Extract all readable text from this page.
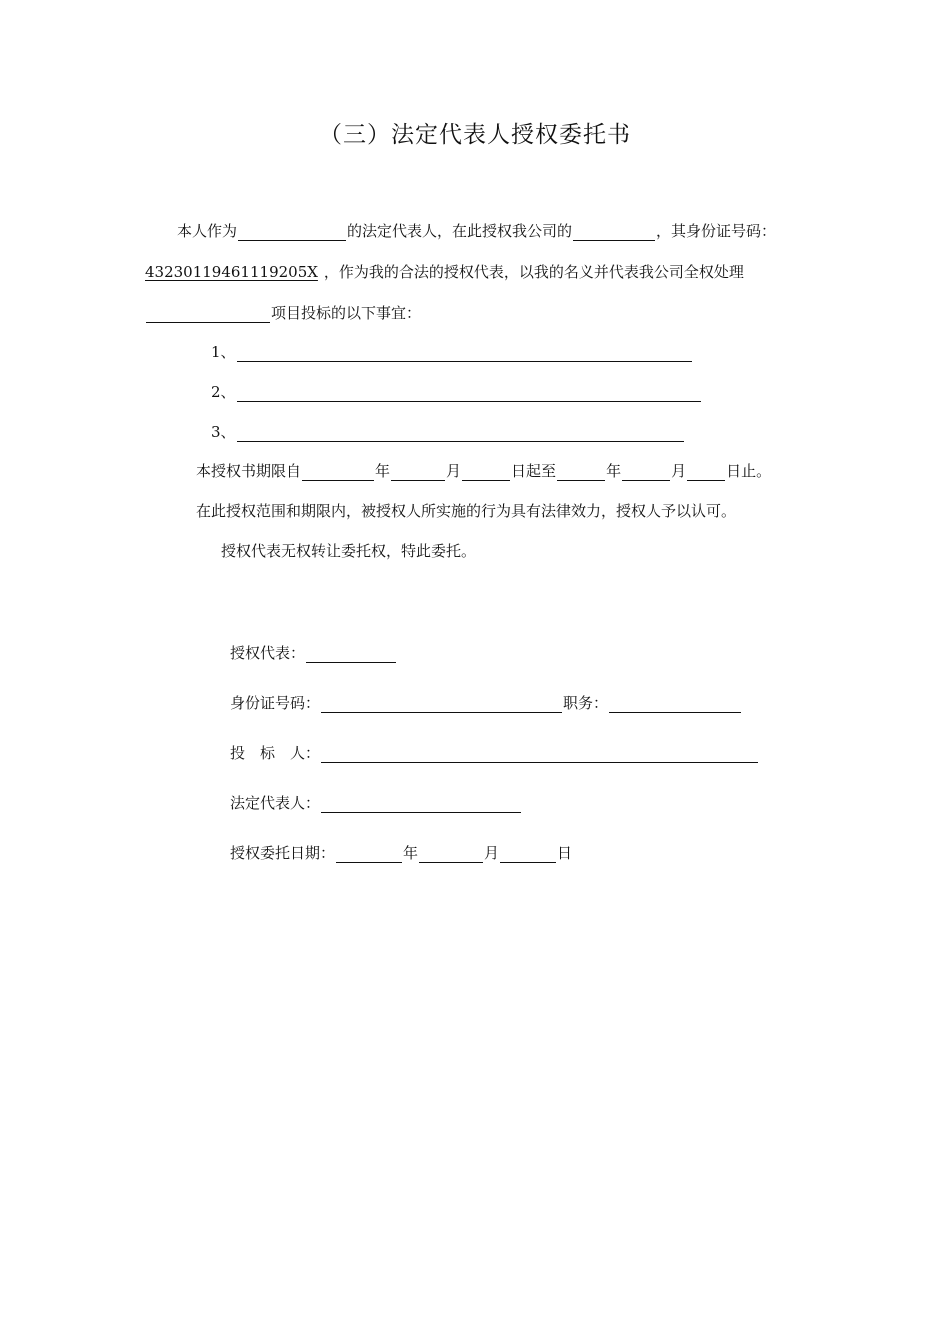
（三）法定代表人授权委托书
本人作为	的法定代表人，在此授权我公司的	，其身份证号码：
43230119461119205X ，作为我的合法的授权代表，以我的名义并代表我公司全权处理
项目投标的以下事宜：
1、
2、
3、
本授权书期限自	年	月	日起至	年	月	日止。
在此授权范围和期限内，被授权人所实施的行为具有法律效力，授权人予以认可。
授权代表无权转让委托权，特此委托。
授权代表：
身份证号码：	职务：
投　标　人：
法定代表人：
授权委托日期：	年	月	日
